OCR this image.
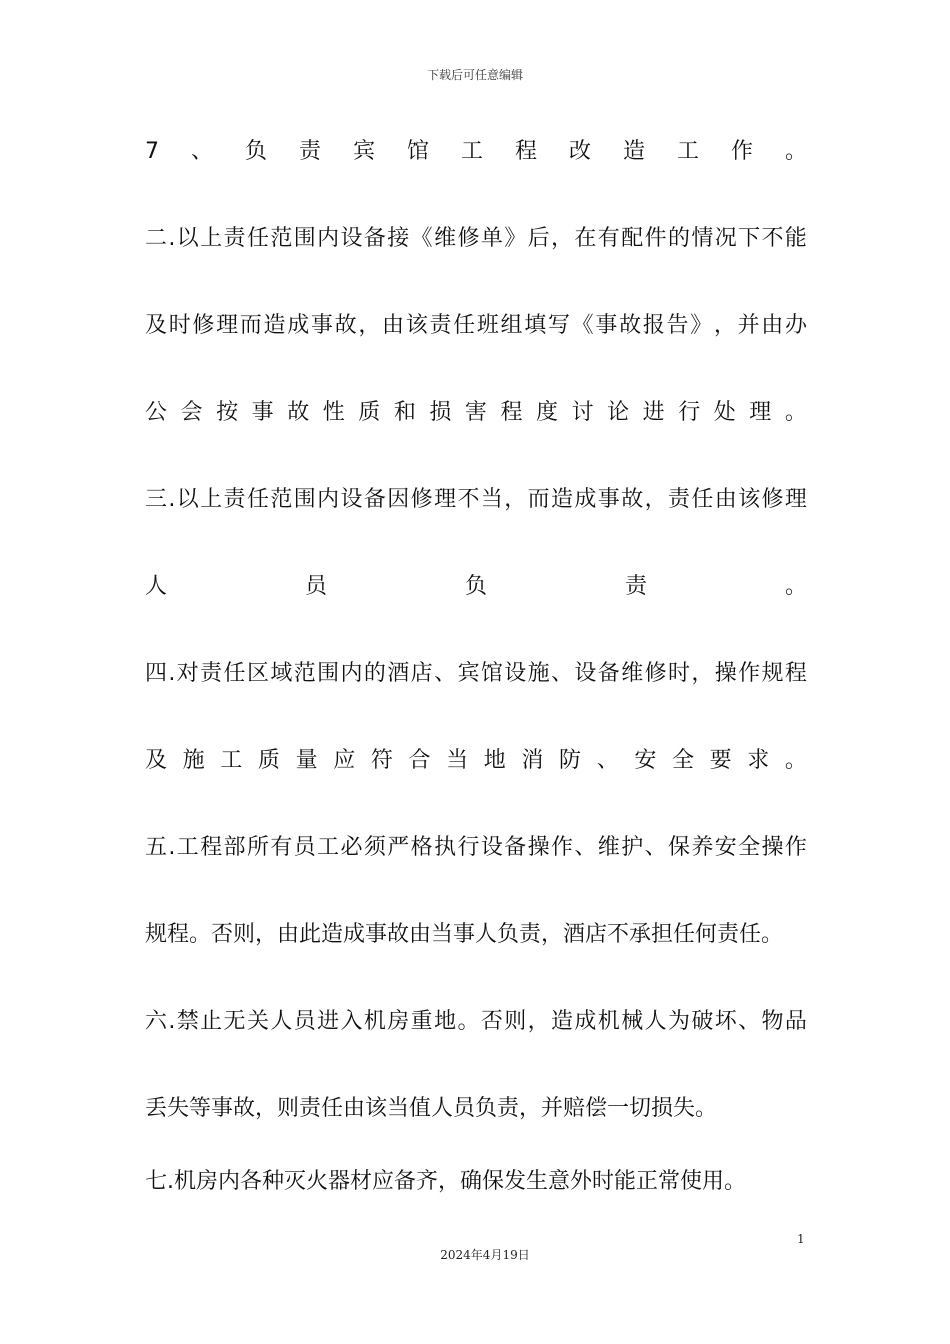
下载后可任意编辑
7 、 负 责 宾 馆 工 程 改 造 工 作 。
二 . 以 上 责 任 范 围 内 设 备 接 《 维 修 单 》 后 ， 在 有 配 件 的 情 况 下 不 能
及 时 修 理 而 造 成 事 故 ， 由 该 责 任 班 组 填 写 《 事 故 报 告 》 ， 并 由 办
公 会 按 事 故 性 质 和 损 害 程 度 讨 论 进 行 处 理 。
三 . 以 上 责 任 范 围 内 设 备 因 修 理 不 当 ， 而 造 成 事 故 ， 责 任 由 该 修 理
人	员	负	责	。
四 . 对 责 任 区 域 范 围 内 的 酒 店 、 宾 馆 设 施 、 设 备 维 修 时 ， 操 作 规 程
及 施 工 质 量 应 符 合 当 地 消 防 、 安 全 要 求 。
五 . 工 程 部 所 有 员 工 必 须 严 格 执 行 设 备 操 作 、 维 护 、 保 养 安 全 操 作
规程。否则，由此造成事故由当事人负责，酒店不承担任何责任。
六 . 禁 止 无 关 人 员 进 入 机 房 重 地 。 否 则 ， 造 成 机 械 人 为 破 坏 、 物 品
丢失等事故，则责任由该当值人员负责，并赔偿一切损失。
七.机房内各种灭火器材应备齐，确保发生意外时能正常使用。
1
2024年4月19日
